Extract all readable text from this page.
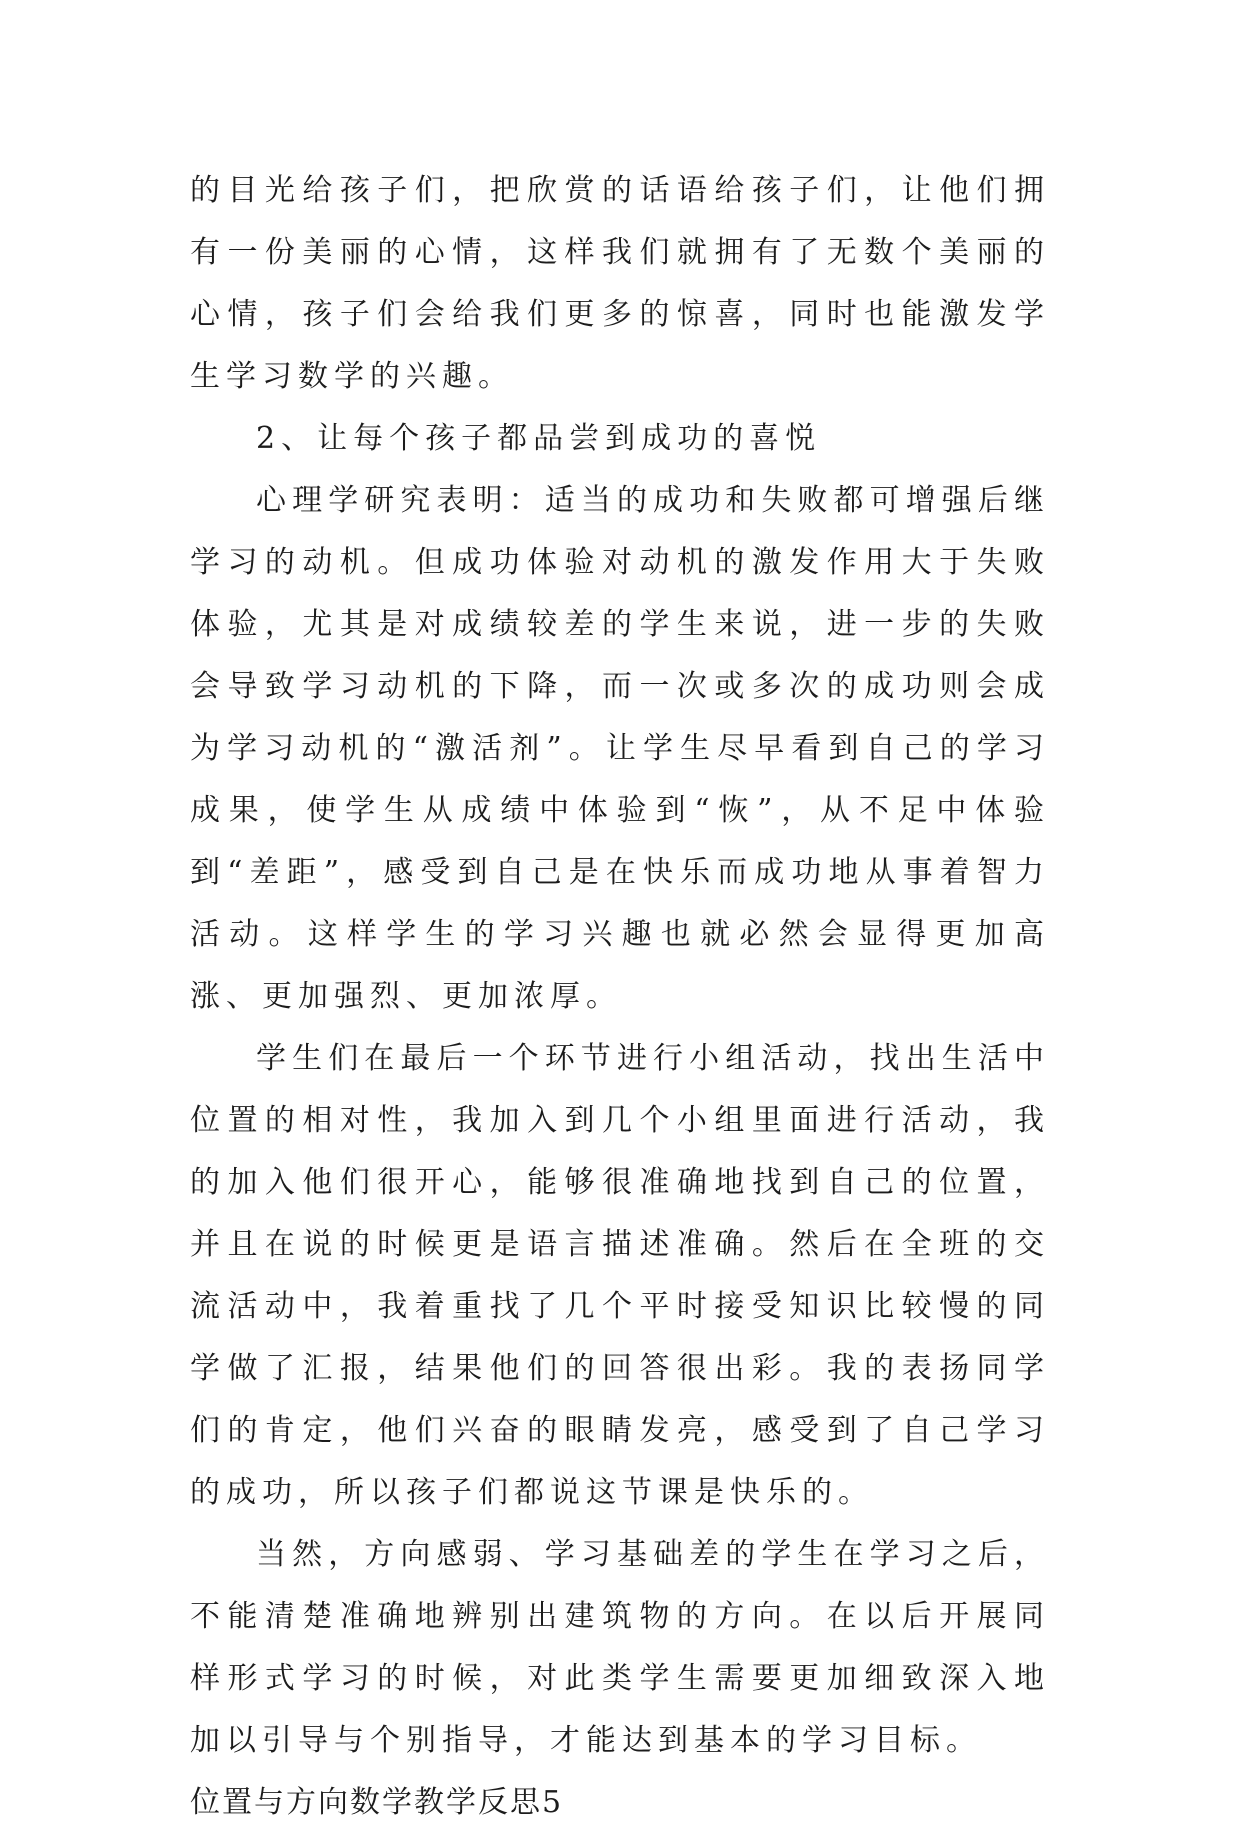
的目光给孩子们，把欣赏的话语给孩子们，让他们拥有一份美丽的心情，这样我们就拥有了无数个美丽的心情，孩子们会给我们更多的惊喜，同时也能激发学生学习数学的兴趣。

2、让每个孩子都品尝到成功的喜悦

心理学研究表明：适当的成功和失败都可增强后继学习的动机。但成功体验对动机的激发作用大于失败体验，尤其是对成绩较差的学生来说，进一步的失败会导致学习动机的下降，而一次或多次的成功则会成为学习动机的“激活剂”。让学生尽早看到自己的学习成果，使学生从成绩中体验到“恢”，从不足中体验到“差距”，感受到自己是在快乐而成功地从事着智力活动。这样学生的学习兴趣也就必然会显得更加高涨、更加强烈、更加浓厚。

学生们在最后一个环节进行小组活动，找出生活中位置的相对性，我加入到几个小组里面进行活动，我的加入他们很开心，能够很准确地找到自己的位置，并且在说的时候更是语言描述准确。然后在全班的交流活动中，我着重找了几个平时接受知识比较慢的同学做了汇报，结果他们的回答很出彩。我的表扬同学们的肯定，他们兴奋的眼睛发亮，感受到了自己学习的成功，所以孩子们都说这节课是快乐的。

当然，方向感弱、学习基础差的学生在学习之后，不能清楚准确地辨别出建筑物的方向。在以后开展同样形式学习的时候，对此类学生需要更加细致深入地加以引导与个别指导，才能达到基本的学习目标。

位置与方向数学教学反思5
